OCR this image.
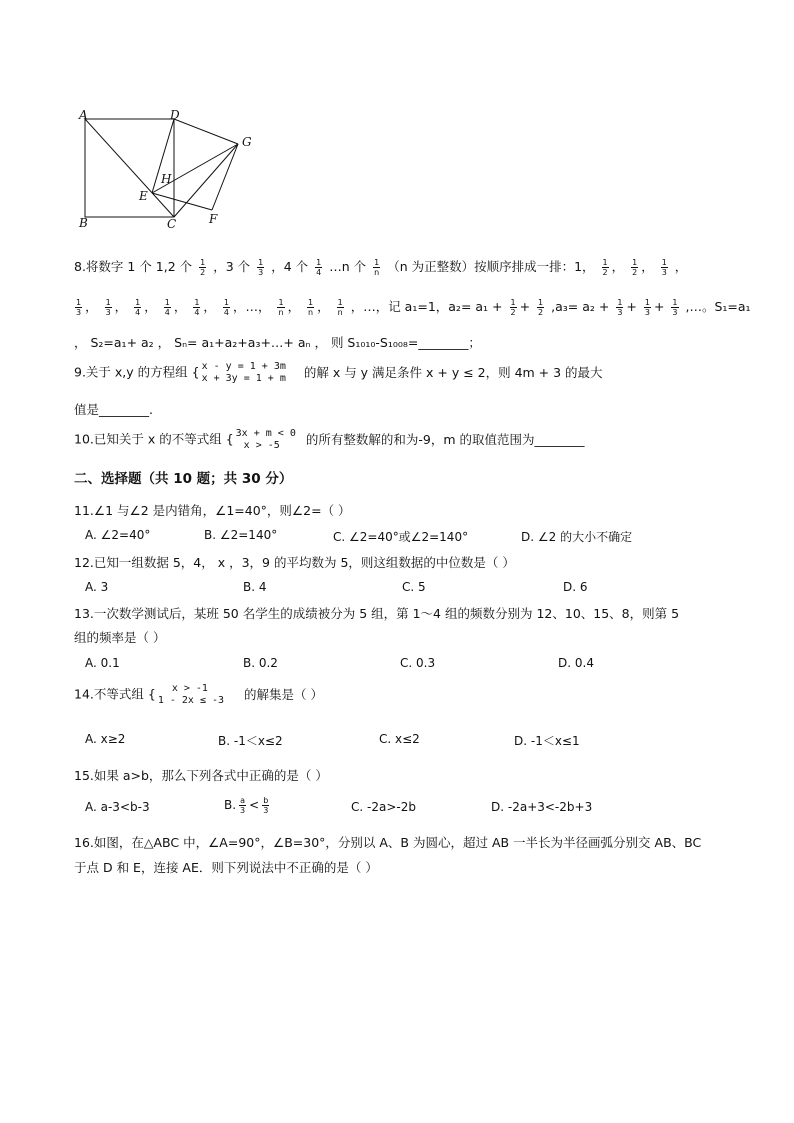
A	D
G
H
E
B	C	F
8.将数字 1 个 1,2 个 $\frac{1}{2}$ ，3 个 $\frac{1}{3}$ ，4 个 $\frac{1}{4}$ …n 个 $\frac{1}{n} (n$ 为正整数）按顺序排成一排：1， $\frac{1}{2}$ ， $\frac{1}{2}$ ， $\frac{1}{3}$ ，
$\frac{1}{3}$ ， $\frac{1}{3}$ ， $\frac{1}{4}$ ， $\frac{1}{4}$ ， $\frac{1}{4}$ ， $\frac{1}{4}$ ，…， $\frac{1}{n}$ ， $\frac{1}{n}$ ， $\frac{1}{n}$ ，…，记 a₁=1，$a_2= a_1 + \frac{1}{2} + \frac{1}{2} ,a_3= a_2 + \frac{1}{3} + \frac{1}{3} + \frac{1}{3}$ ,…。S₁=a₁
， S₂=a₁+ a₂ ， Sₙ= a₁+a₂+a₃+…+ aₙ ， 则 S₁₀₁₀-S₁₀₀₈=________；
9.关于 x,y 的方程组 { x - y = 1 + 3m
x + 3y = 1 + m 的解 x 与 y 满足条件 x + y ≤ 2，则 4m + 3 的最大
值是________.
10.已知关于 x 的不等式组 { 3x + m < 0
x > -5	的所有整数解的和为-9，m 的取值范围为________
二、选择题（共 10 题；共 30 分）
11.∠1 与∠2 是内错角，∠1=40°，则∠2=（ ）
A. ∠2=40°	B. ∠2=140°	C. ∠2=40°或∠2=140°	D. ∠2 的大小不确定
12.已知一组数据 5，4， x ，3，9 的平均数为 5，则这组数据的中位数是（ ）
A. 3	B. 4	C. 5	D. 6
13.一次数学测试后，某班 50 名学生的成绩被分为 5 组，第 1～4 组的频数分别为 12、10、15、8，则第 5
组的频率是（ ）
A. 0.1	B. 0.2	C. 0.3	D. 0.4
14.不等式组 {	x > -1
1 - 2x ≤ -3 的解集是（ ）
A. x≥2	B. -1＜x≤2	C. x≤2	D. -1＜x≤1
15.如果 a>b，那么下列各式中正确的是（ ）
A. a-3<b-3	B. $\frac{a}{3} < \frac{b}{3}$	C. -2a>-2b	D. -2a+3<-2b+3
16.如图，在△ABC 中，∠A=90°，∠B=30°，分别以 A、B 为圆心，超过 AB 一半长为半径画弧分别交 AB、BC
于点 D 和 E，连接 AE．则下列说法中不正确的是（ ）
